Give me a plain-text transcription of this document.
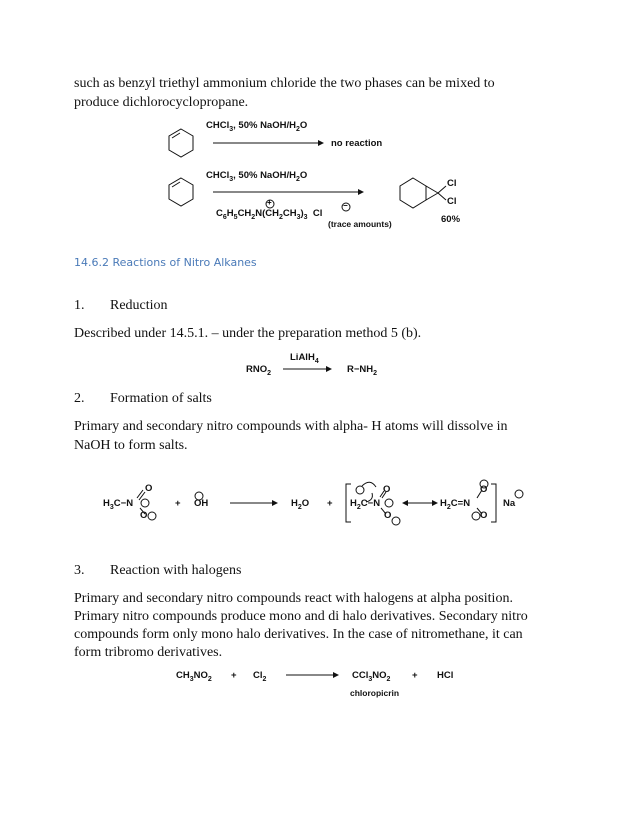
such as benzyl triethyl ammonium chloride the two phases can be mixed to

produce dichlorocyclopropane.

CHCl$_3$, 50% NaOH/$H_2O$
no reaction
CHCl$_3$, 50% NaOH/$H_2O$
$C_6H_5CH_2N(CH_2CH_3)_3$  Cl
+	−
(trace amounts)
Cl
Cl
60%
14.6.2 Reactions of Nitro Alkanes
1. Reduction

Described under 14.5.1. – under the preparation method 5 (b).

$RNO_2$
LiAlH$_4$
$R-NH_2$
2. Formation of salts

Primary and secondary nitro compounds with alpha- H atoms will dissolve in

NaOH to form salts.

$H_3C-N$
O
O
+ OH	$H_2O + H_2C-N$
O
O
$H_2C=N$
O
O
Na
3. Reaction with halogens

Primary and secondary nitro compounds react with halogens at alpha position.

Primary nitro compounds produce mono and di halo derivatives. Secondary nitro

compounds form only mono halo derivatives. In the case of nitromethane, it can

form tribromo derivatives.

$CH_3NO_2 + Cl_2$	$CCl_3NO_2$ + HCl
chloropicrin
